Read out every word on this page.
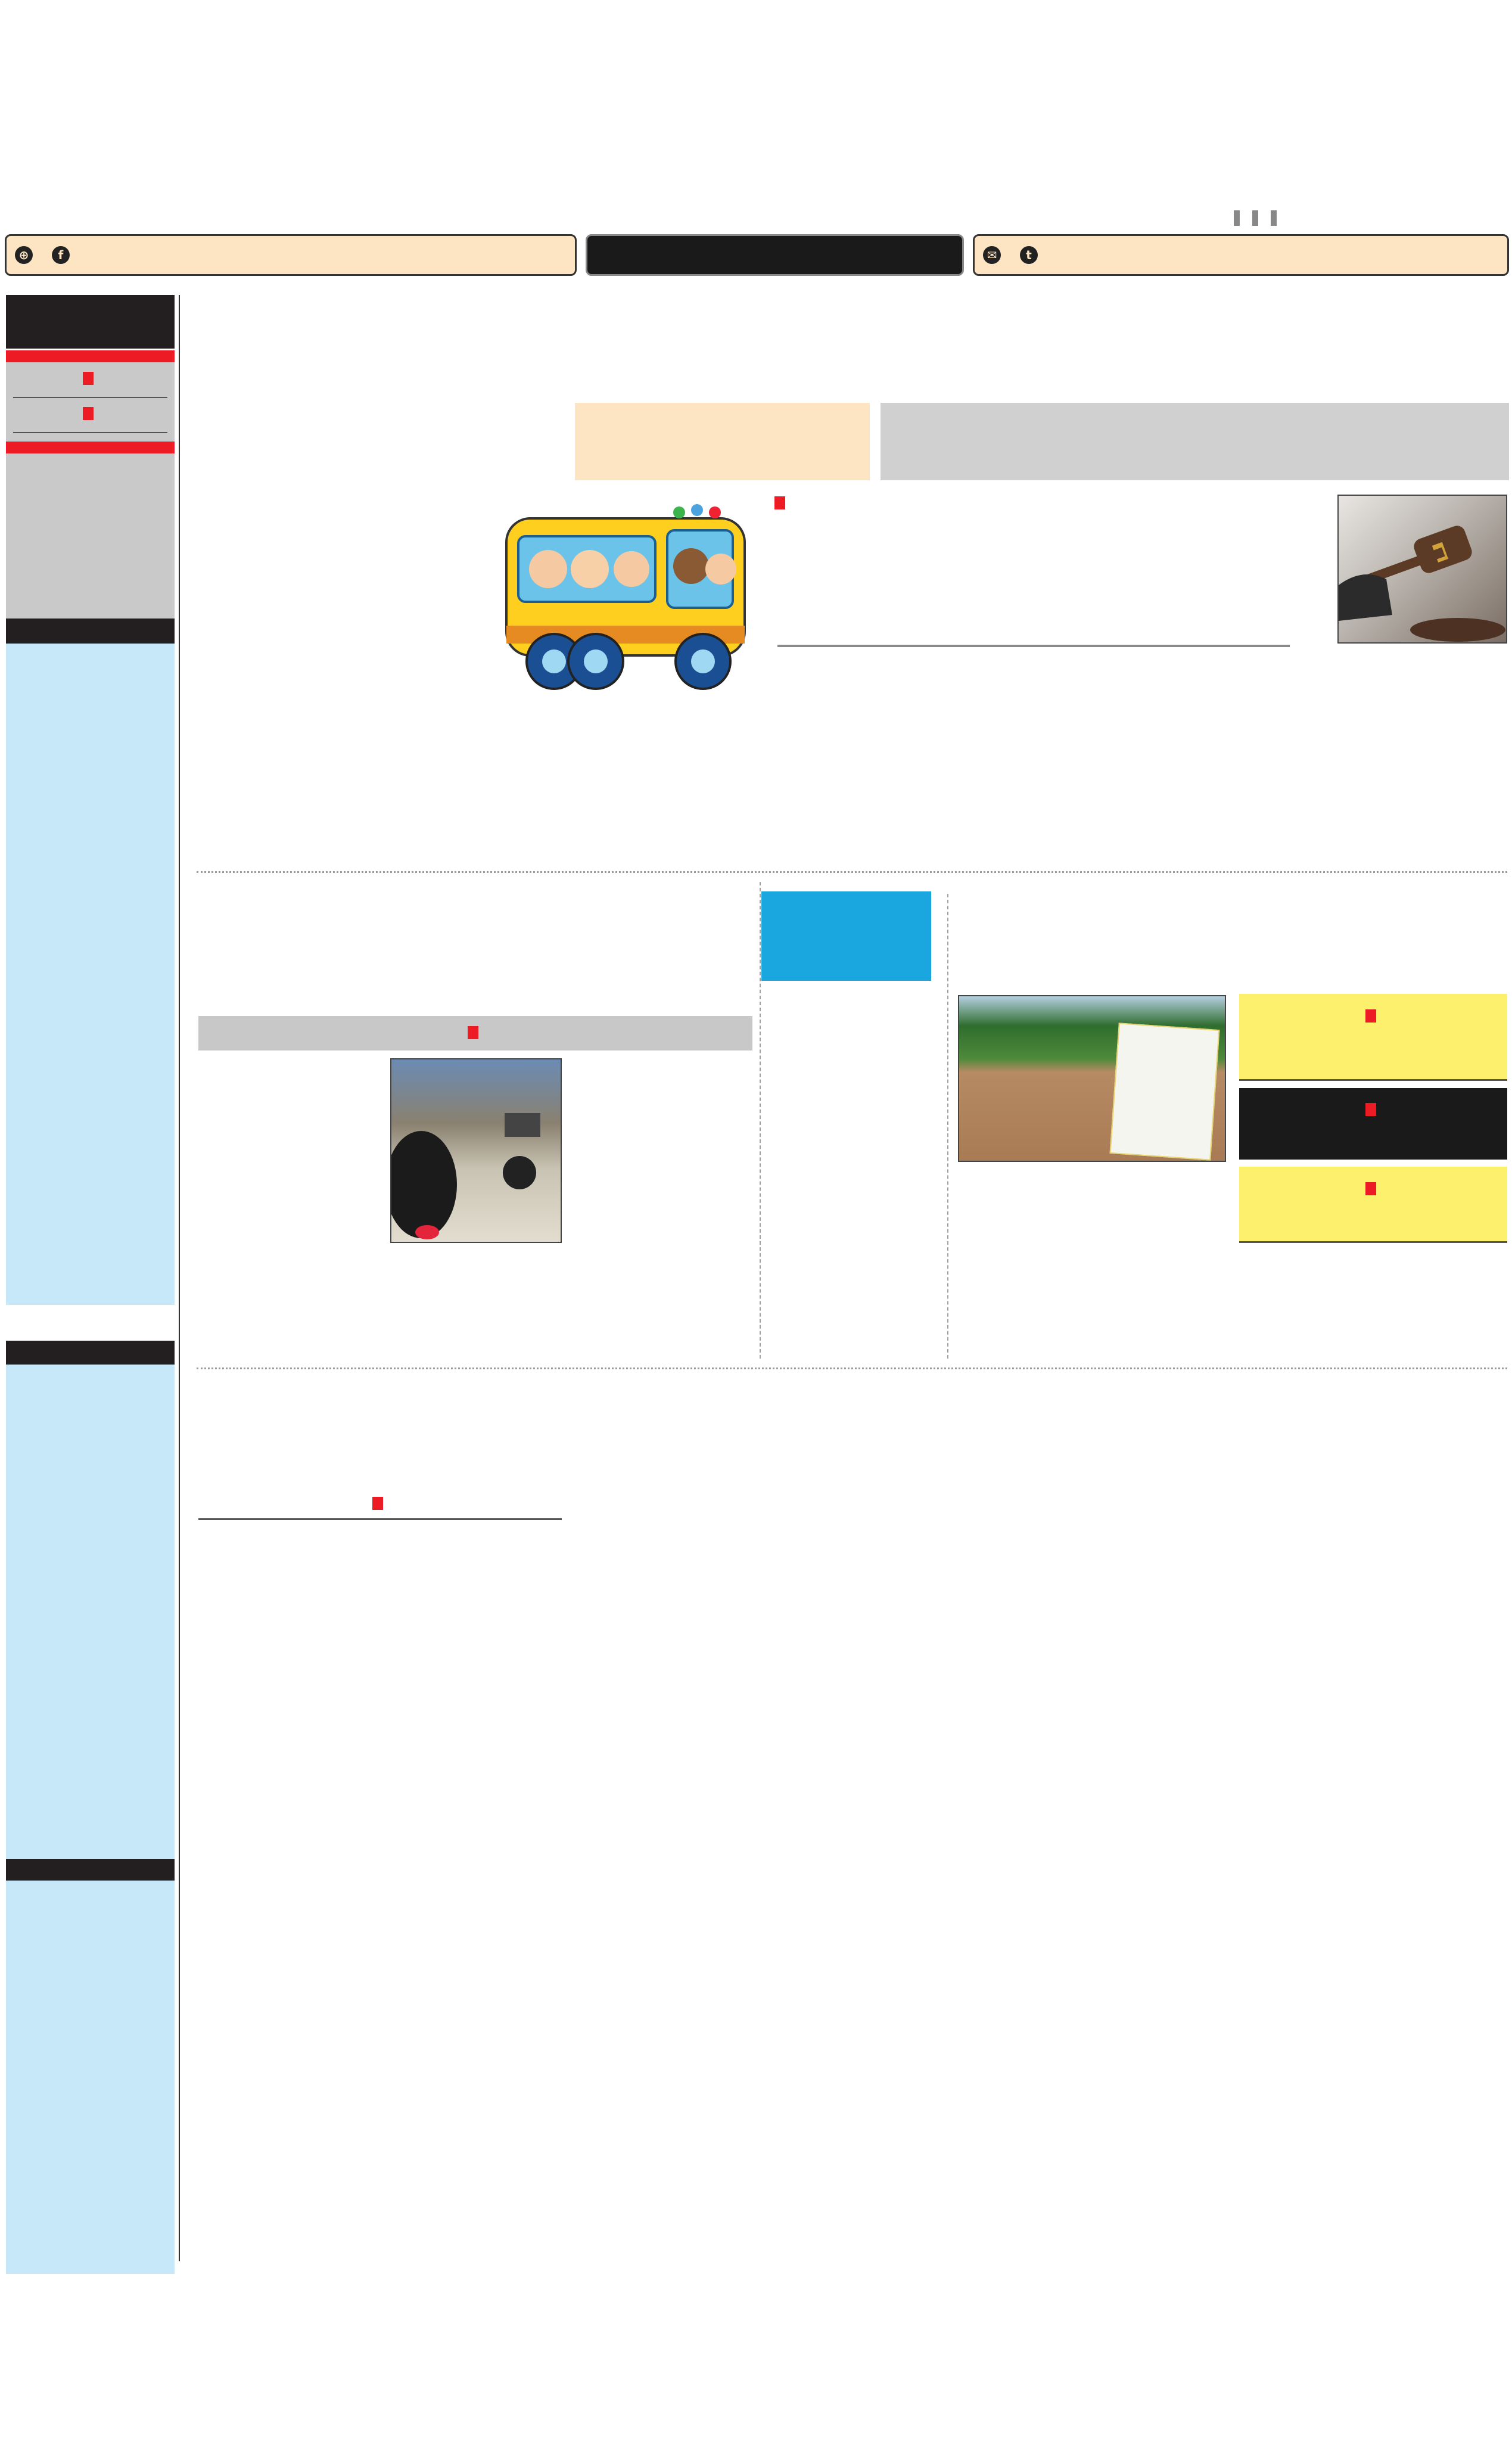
⊕	f	✉	t
